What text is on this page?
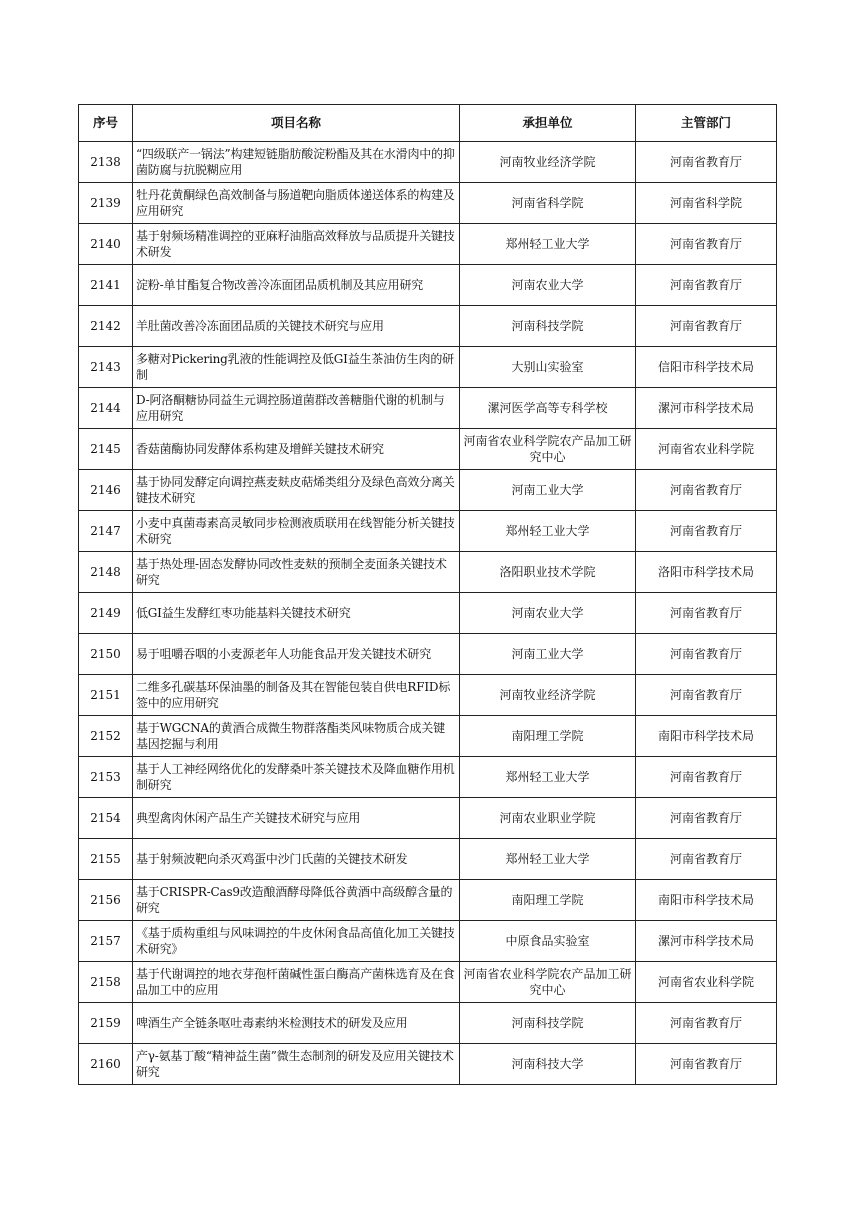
序号	项目名称	承担单位	主管部门
2138	“四级联产一锅法”构建短链脂肪酸淀粉酯及其在水滑肉中的抑菌防腐与抗脱糊应用	河南牧业经济学院	河南省教育厅
2139	牡丹花黄酮绿色高效制备与肠道靶向脂质体递送体系的构建及应用研究	河南省科学院	河南省科学院
2140	基于射频场精准调控的亚麻籽油脂高效释放与品质提升关键技术研发	郑州轻工业大学	河南省教育厅
2141	淀粉-单甘酯复合物改善冷冻面团品质机制及其应用研究	河南农业大学	河南省教育厅
2142	羊肚菌改善冷冻面团品质的关键技术研究与应用	河南科技学院	河南省教育厅
2143	多糖对Pickering乳液的性能调控及低GI益生茶油仿生肉的研制	大别山实验室	信阳市科学技术局
2144	D-阿洛酮糖协同益生元调控肠道菌群改善糖脂代谢的机制与应用研究	漯河医学高等专科学校	漯河市科学技术局
2145	香菇菌酶协同发酵体系构建及增鲜关键技术研究	河南省农业科学院农产品加工研究中心	河南省农业科学院
2146	基于协同发酵定向调控燕麦麸皮萜烯类组分及绿色高效分离关键技术研究	河南工业大学	河南省教育厅
2147	小麦中真菌毒素高灵敏同步检测液质联用在线智能分析关键技术研究	郑州轻工业大学	河南省教育厅
2148	基于热处理-固态发酵协同改性麦麸的预制全麦面条关键技术研究	洛阳职业技术学院	洛阳市科学技术局
2149	低GI益生发酵红枣功能基料关键技术研究	河南农业大学	河南省教育厅
2150	易于咀嚼吞咽的小麦源老年人功能食品开发关键技术研究	河南工业大学	河南省教育厅
2151	二维多孔碳基环保油墨的制备及其在智能包装自供电RFID标签中的应用研究	河南牧业经济学院	河南省教育厅
2152	基于WGCNA的黄酒合成微生物群落酯类风味物质合成关键基因挖掘与利用	南阳理工学院	南阳市科学技术局
2153	基于人工神经网络优化的发酵桑叶茶关键技术及降血糖作用机制研究	郑州轻工业大学	河南省教育厅
2154	典型禽肉休闲产品生产关键技术研究与应用	河南农业职业学院	河南省教育厅
2155	基于射频波靶向杀灭鸡蛋中沙门氏菌的关键技术研发	郑州轻工业大学	河南省教育厅
2156	基于CRISPR-Cas9改造酿酒酵母降低谷黄酒中高级醇含量的研究	南阳理工学院	南阳市科学技术局
2157	《基于质构重组与风味调控的牛皮休闲食品高值化加工关键技术研究》	中原食品实验室	漯河市科学技术局
2158	基于代谢调控的地衣芽孢杆菌碱性蛋白酶高产菌株选育及在食品加工中的应用	河南省农业科学院农产品加工研究中心	河南省农业科学院
2159	啤酒生产全链条呕吐毒素纳米检测技术的研发及应用	河南科技学院	河南省教育厅
2160	产γ-氨基丁酸“精神益生菌”微生态制剂的研发及应用关键技术研究	河南科技大学	河南省教育厅
